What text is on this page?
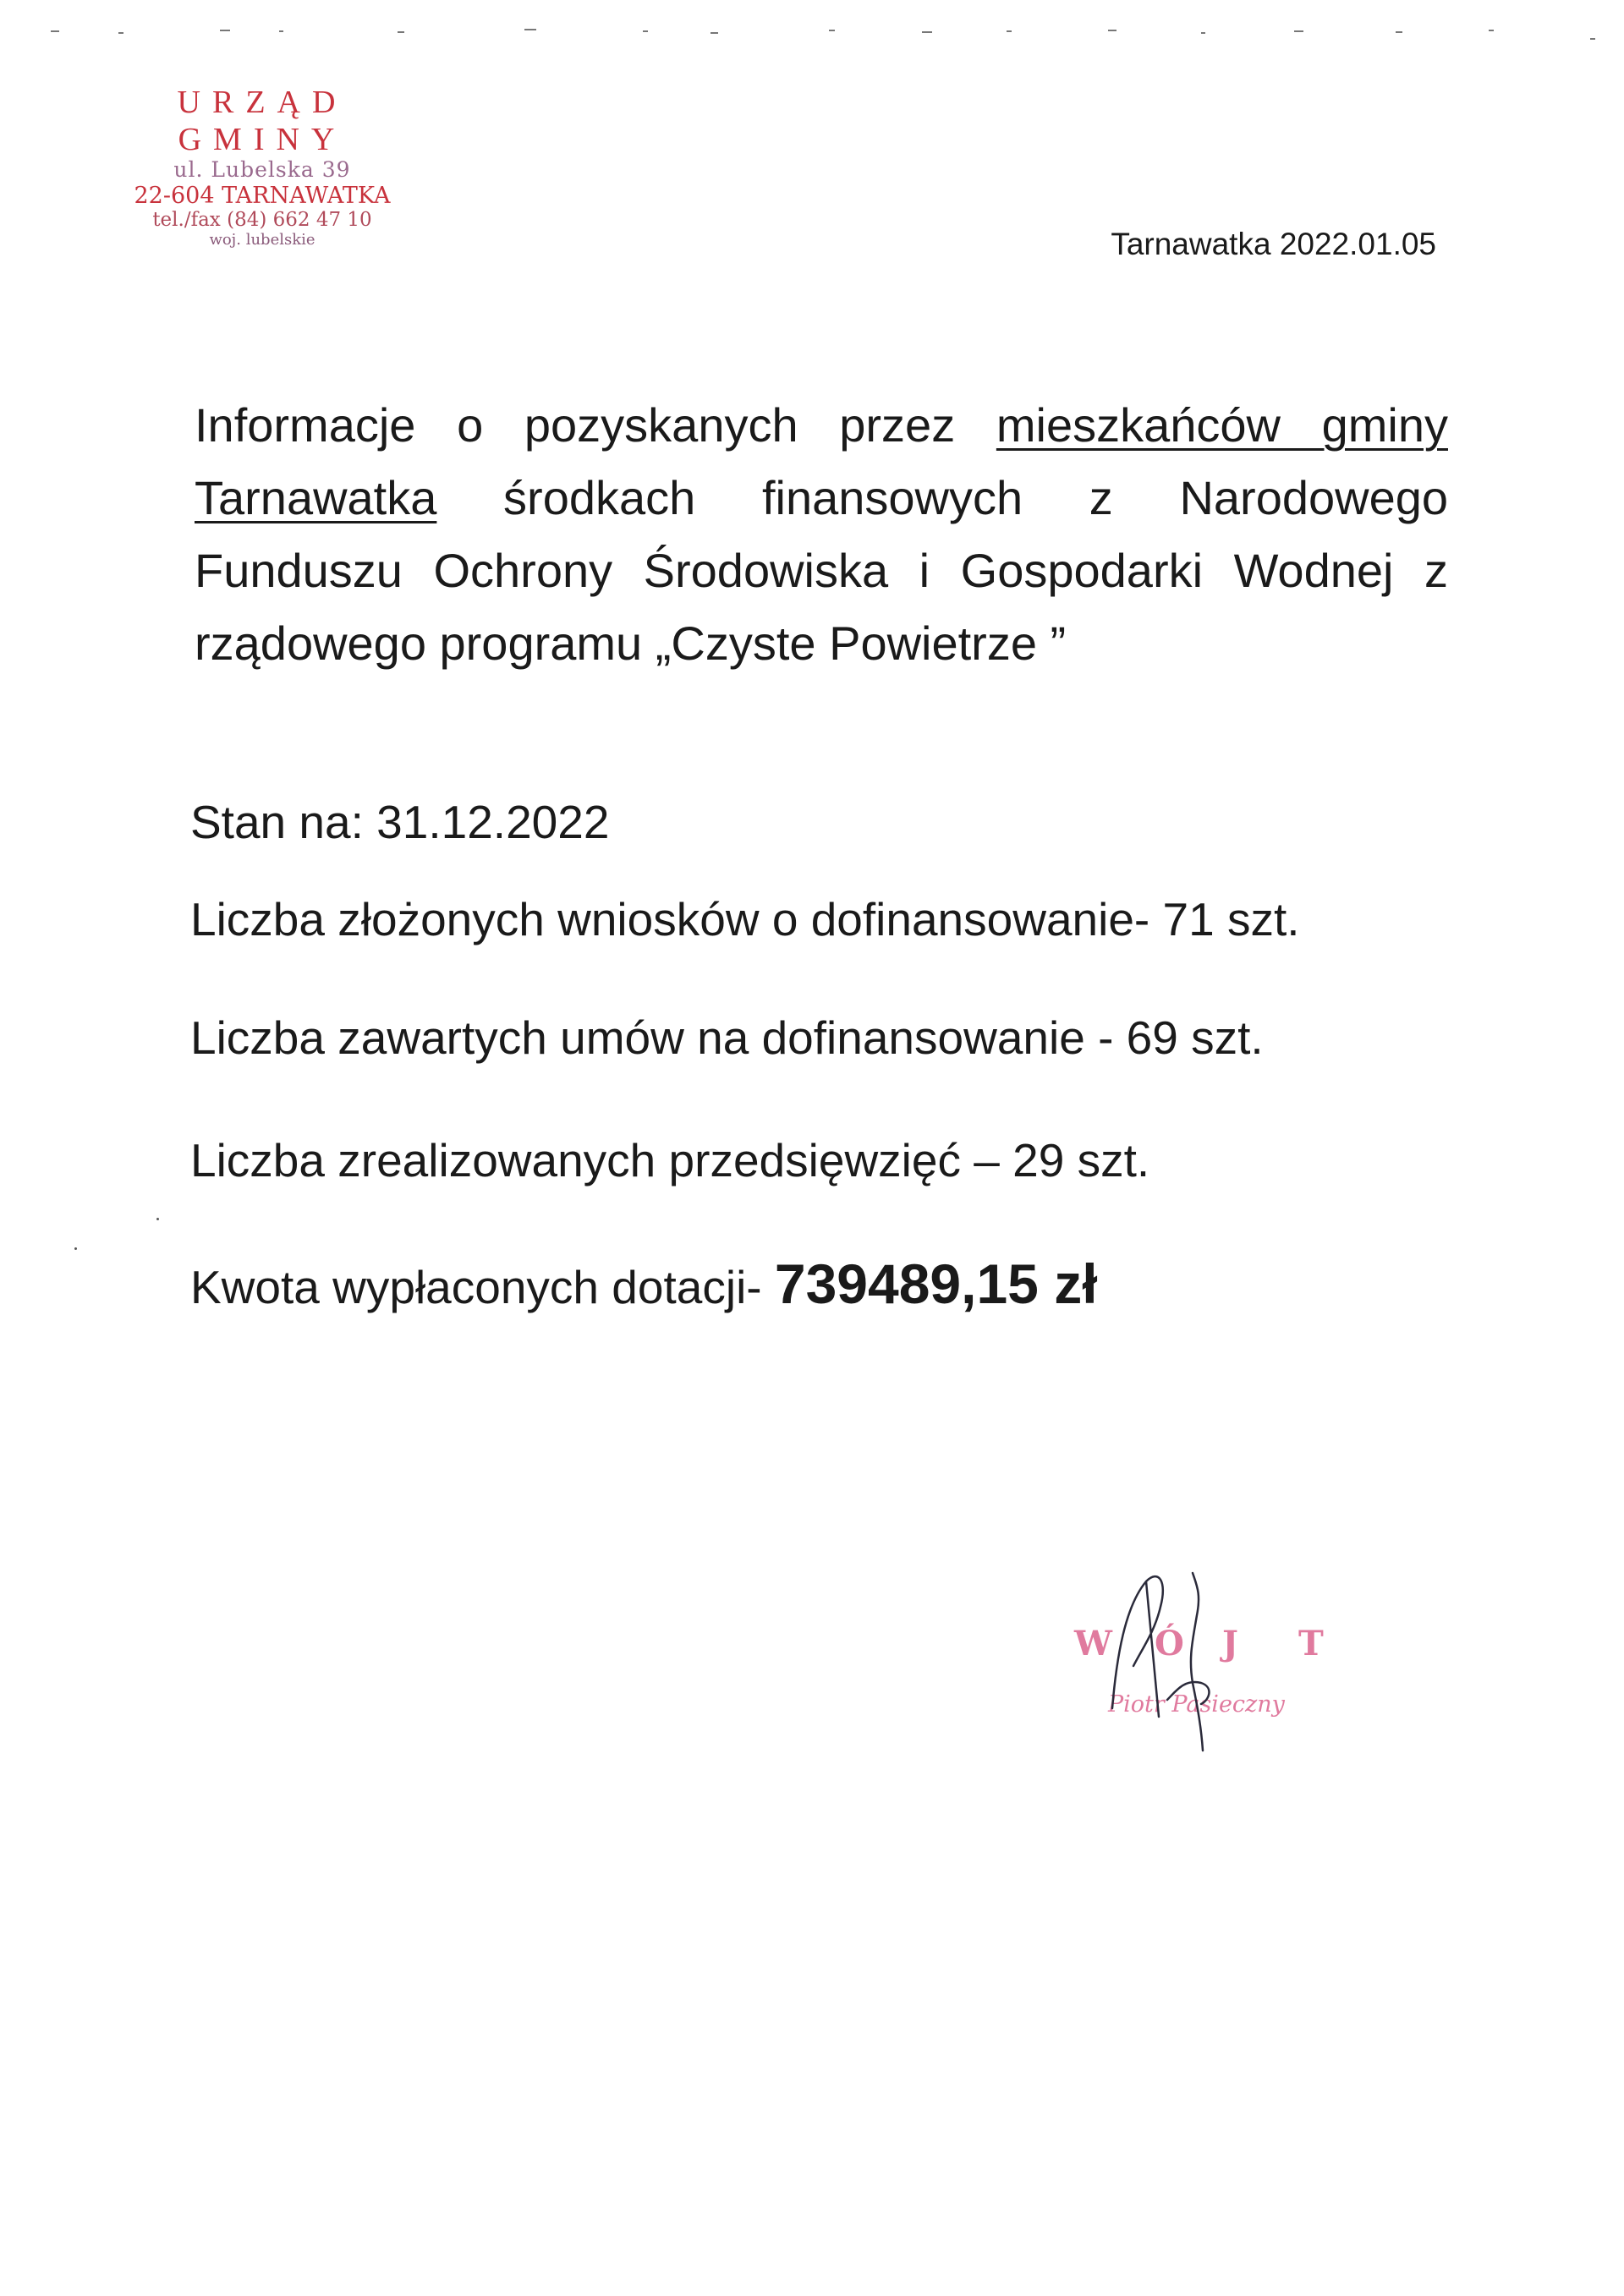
URZĄD GMINY
ul. Lubelska 39
22-604 TARNAWATKA
tel./fax (84) 662 47 10
woj. lubelskie	Tarnawatka 2022.01.05
Informacje o pozyskanych przez mieszkańców gminy Tarnawatka środkach finansowych z Narodowego Funduszu Ochrony Środowiska i Gospodarki Wodnej z rządowego programu „Czyste Powietrze ”
Stan na: 31.12.2022
Liczba złożonych wniosków o dofinansowanie- 71 szt.
Liczba zawartych umów na dofinansowanie - 69 szt.
Liczba zrealizowanych przedsięwzięć – 29 szt.
Kwota wypłaconych dotacji- 739489,15 zł
W Ó J T
Piotr Pasieczny
